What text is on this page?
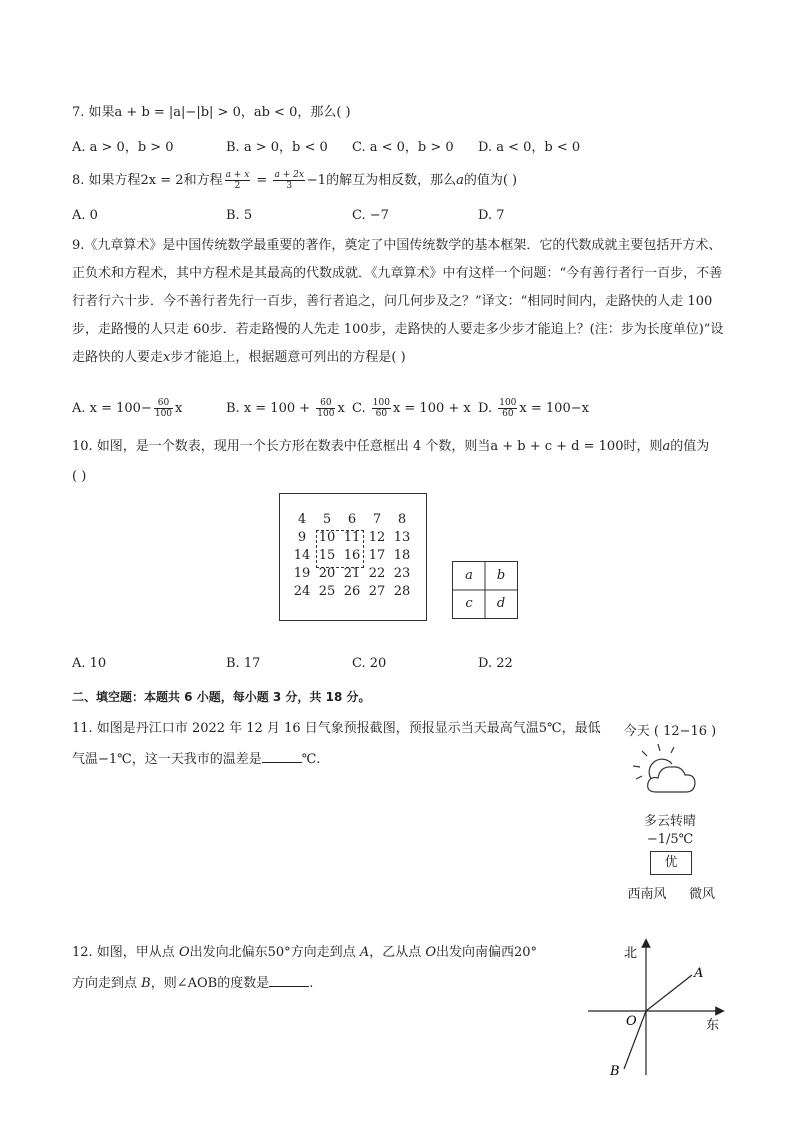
7. 如果a + b = |a|−|b| > 0，ab < 0，那么( )
A. a > 0，b > 0	B. a > 0，b < 0 C. a < 0，b > 0 D. a < 0，b < 0
8. 如果方程2x = 2和方程 $\frac{a + x}{2} = \frac{a + 2x}{3} -1$的解互为相反数，那么a的值为( )
A. 0	B. 5	C. −7	D. 7
9.《九章算术》是中国传统数学最重要的著作，奠定了中国传统数学的基本框架．它的代数成就主要包括开方术、正负术和方程术，其中方程术是其最高的代数成就．《九章算术》中有这样一个问题：“今有善行者行一百步，不善行者行六十步．今不善行者先行一百步，善行者追之，问几何步及之？”译文：“相同时间内，走路快的人走 100步，走路慢的人只走 60步．若走路慢的人先走 100步，走路快的人要走多少步才能追上？(注：步为长度单位)”设走路快的人要走x步才能追上，根据题意可列出的方程是( )
A. $x = 100- \frac{60}{100}$ x	B. $x = 100 + \frac{60}{100}$ x C. $\frac{100}{60}$ x = 100 + x D. $\frac{100}{60}$ x = 100−x
10. 如图，是一个数表，现用一个长方形在数表中任意框出 4 个数，则当a + b + c + d = 100时，则a的值为
( )
4	5	6	7	8
9 10 11 12 13
14 15 16 17 18
19 20 21 22 23
24 25 26 27 28
a	b
c	d
A. 10	B. 17	C. 20	D. 22
二、填空题：本题共 6 小题，每小题 3 分，共 18 分。
11. 如图是丹江口市 2022 年 12 月 16 日气象预报截图，预报显示当天最高气温5℃，最低
气温−1℃，这一天我市的温差是	℃.
今天 ( 12−16 )
多云转晴
−1/5℃
优
西南风	微风
12. 如图，甲从点 O出发向北偏东50°方向走到点 A，乙从点 O出发向南偏西20°
方向走到点 B，则∠AOB的度数是	.
北
东
O
A
B
